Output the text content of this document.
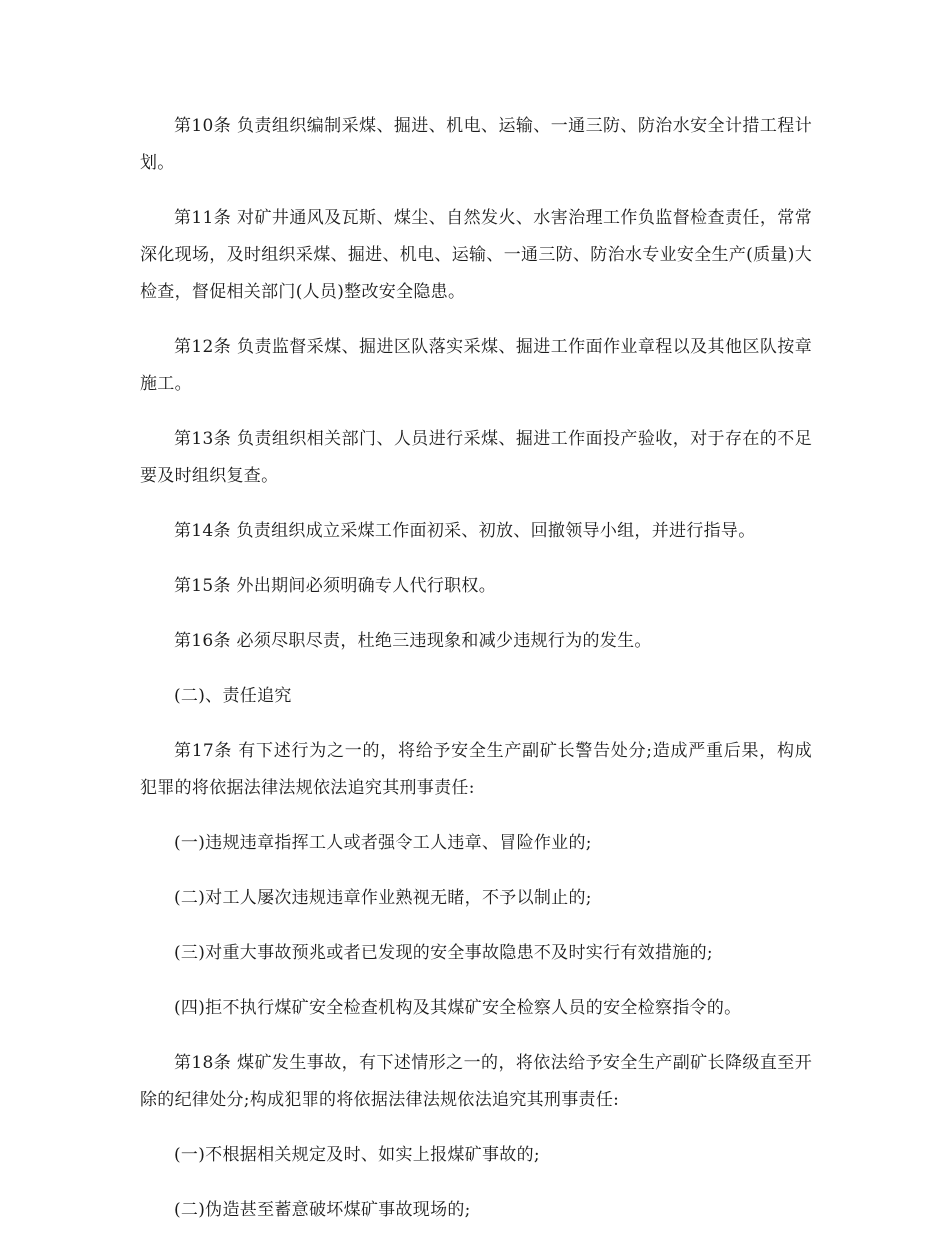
第10条 负责组织编制采煤、掘进、机电、运输、一通三防、防治水安全计措工程计划。

第11条 对矿井通风及瓦斯、煤尘、自然发火、水害治理工作负监督检查责任，常常深化现场，及时组织采煤、掘进、机电、运输、一通三防、防治水专业安全生产(质量)大检查，督促相关部门(人员)整改安全隐患。

第12条 负责监督采煤、掘进区队落实采煤、掘进工作面作业章程以及其他区队按章施工。

第13条 负责组织相关部门、人员进行采煤、掘进工作面投产验收，对于存在的不足要及时组织复查。

第14条 负责组织成立采煤工作面初采、初放、回撤领导小组，并进行指导。

第15条 外出期间必须明确专人代行职权。

第16条 必须尽职尽责，杜绝三违现象和减少违规行为的发生。

(二)、责任追究

第17条 有下述行为之一的，将给予安全生产副矿长警告处分;造成严重后果，构成犯罪的将依据法律法规依法追究其刑事责任:

(一)违规违章指挥工人或者强令工人违章、冒险作业的;

(二)对工人屡次违规违章作业熟视无睹，不予以制止的;

(三)对重大事故预兆或者已发现的安全事故隐患不及时实行有效措施的;

(四)拒不执行煤矿安全检查机构及其煤矿安全检察人员的安全检察指令的。

第18条 煤矿发生事故，有下述情形之一的，将依法给予安全生产副矿长降级直至开除的纪律处分;构成犯罪的将依据法律法规依法追究其刑事责任:

(一)不根据相关规定及时、如实上报煤矿事故的;

(二)伪造甚至蓄意破坏煤矿事故现场的;
